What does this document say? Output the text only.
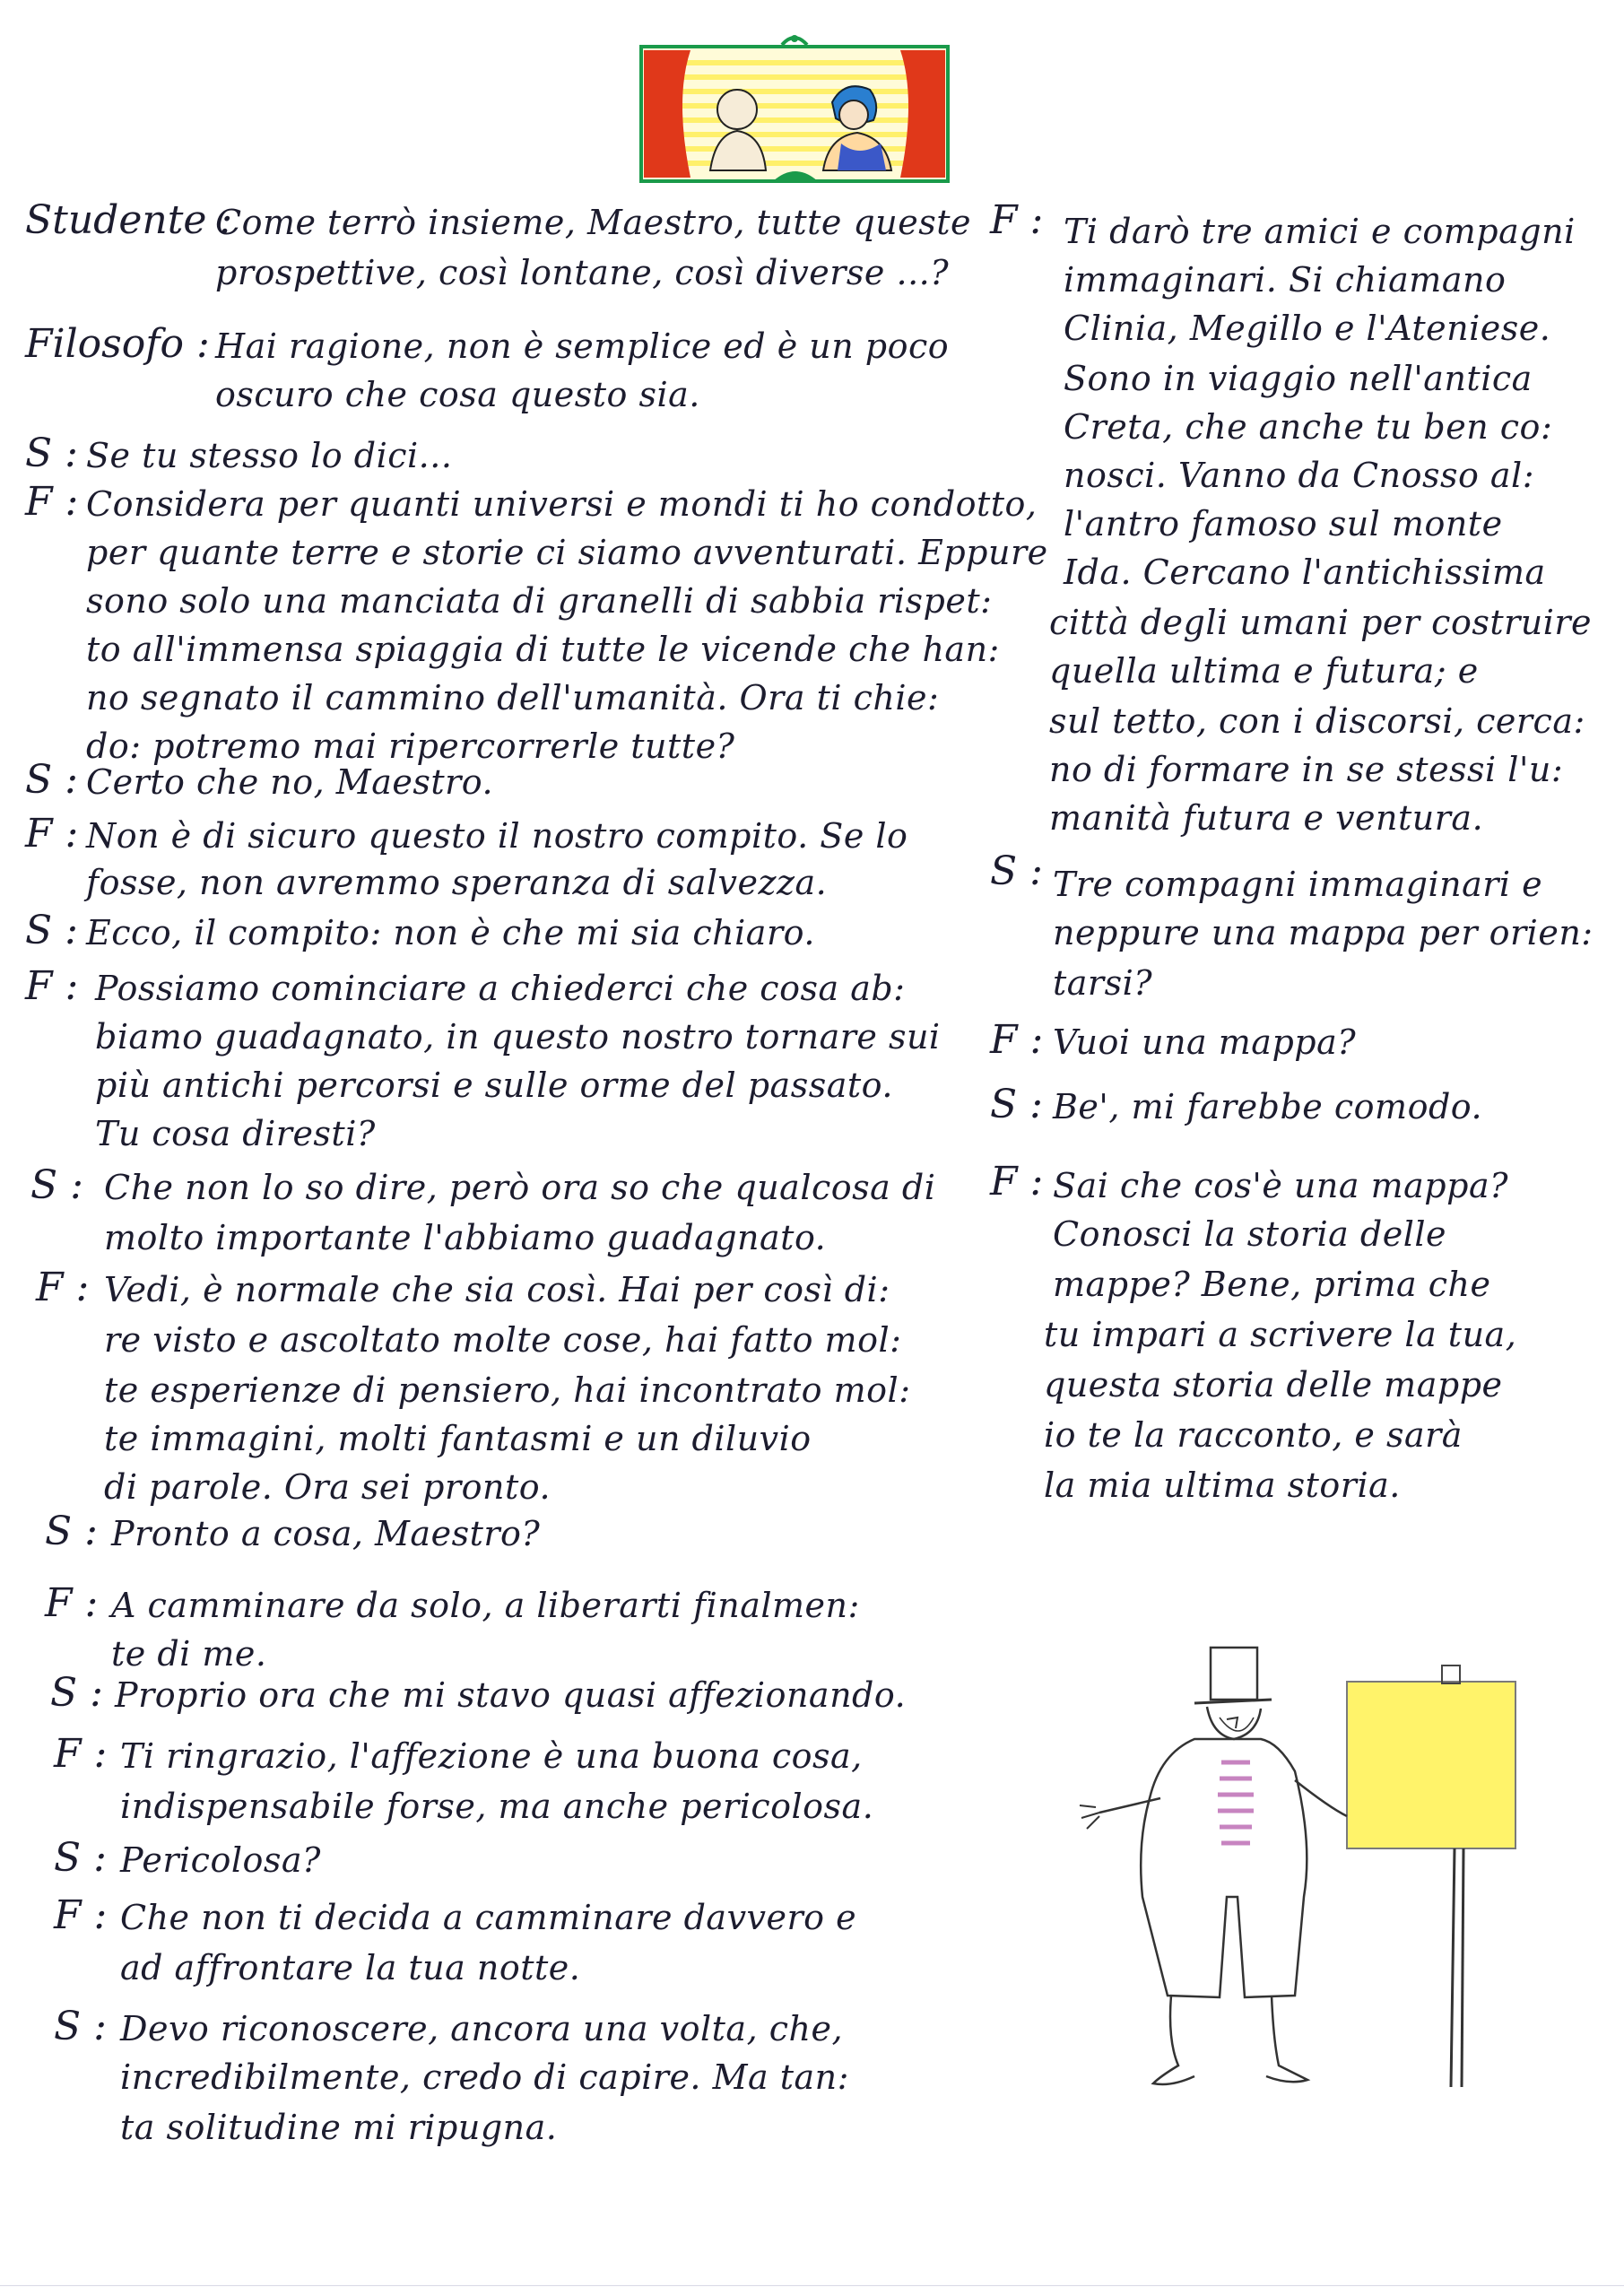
Studente :
Come terrò insieme, Maestro, tutte queste
prospettive, così lontane, così diverse ...?
Filosofo : Hai ragione, non è semplice ed è un poco
oscuro che cosa questo sia.
S : Se tu stesso lo dici...
F : Considera per quanti universi e mondi ti ho condotto,
per quante terre e storie ci siamo avventurati. Eppure
sono solo una manciata di granelli di sabbia rispet:
to all'immensa spiaggia di tutte le vicende che han:
no segnato il cammino dell'umanità. Ora ti chie:
do: potremo mai ripercorrerle tutte?
S : Certo che no, Maestro.
F : Non è di sicuro questo il nostro compito. Se lo
fosse, non avremmo speranza di salvezza.
S : Ecco, il compito: non è che mi sia chiaro.
F : Possiamo cominciare a chiederci che cosa ab:
biamo guadagnato, in questo nostro tornare sui
più antichi percorsi e sulle orme del passato.
Tu cosa diresti?
S : Che non lo so dire, però ora so che qualcosa di
molto importante l'abbiamo guadagnato.
F : Vedi, è normale che sia così. Hai per così di:
re visto e ascoltato molte cose, hai fatto mol:
te esperienze di pensiero, hai incontrato mol:
te immagini, molti fantasmi e un diluvio
di parole. Ora sei pronto.
S : Pronto a cosa, Maestro?
F : A camminare da solo, a liberarti finalmen:
te di me.
S : Proprio ora che mi stavo quasi affezionando.
F : Ti ringrazio, l'affezione è una buona cosa,
indispensabile forse, ma anche pericolosa.
S : Pericolosa?
F : Che non ti decida a camminare davvero e
ad affrontare la tua notte.
S : Devo riconoscere, ancora una volta, che,
incredibilmente, credo di capire. Ma tan:
ta solitudine mi ripugna.
F : Ti darò tre amici e compagni
immaginari. Si chiamano
Clinia, Megillo e l'Ateniese.
Sono in viaggio nell'antica
Creta, che anche tu ben co:
nosci. Vanno da Cnosso al:
l'antro famoso sul monte
Ida. Cercano l'antichissima
città degli umani per costruire
quella ultima e futura; e
sul tetto, con i discorsi, cerca:
no di formare in se stessi l'u:
manità futura e ventura.
S : Tre compagni immaginari e
neppure una mappa per orien:
tarsi?
F : Vuoi una mappa?
S : Be', mi farebbe comodo.
F : Sai che cos'è una mappa?
Conosci la storia delle
mappe? Bene, prima che
tu impari a scrivere la tua,
questa storia delle mappe
io te la racconto, e sarà
la mia ultima storia.
